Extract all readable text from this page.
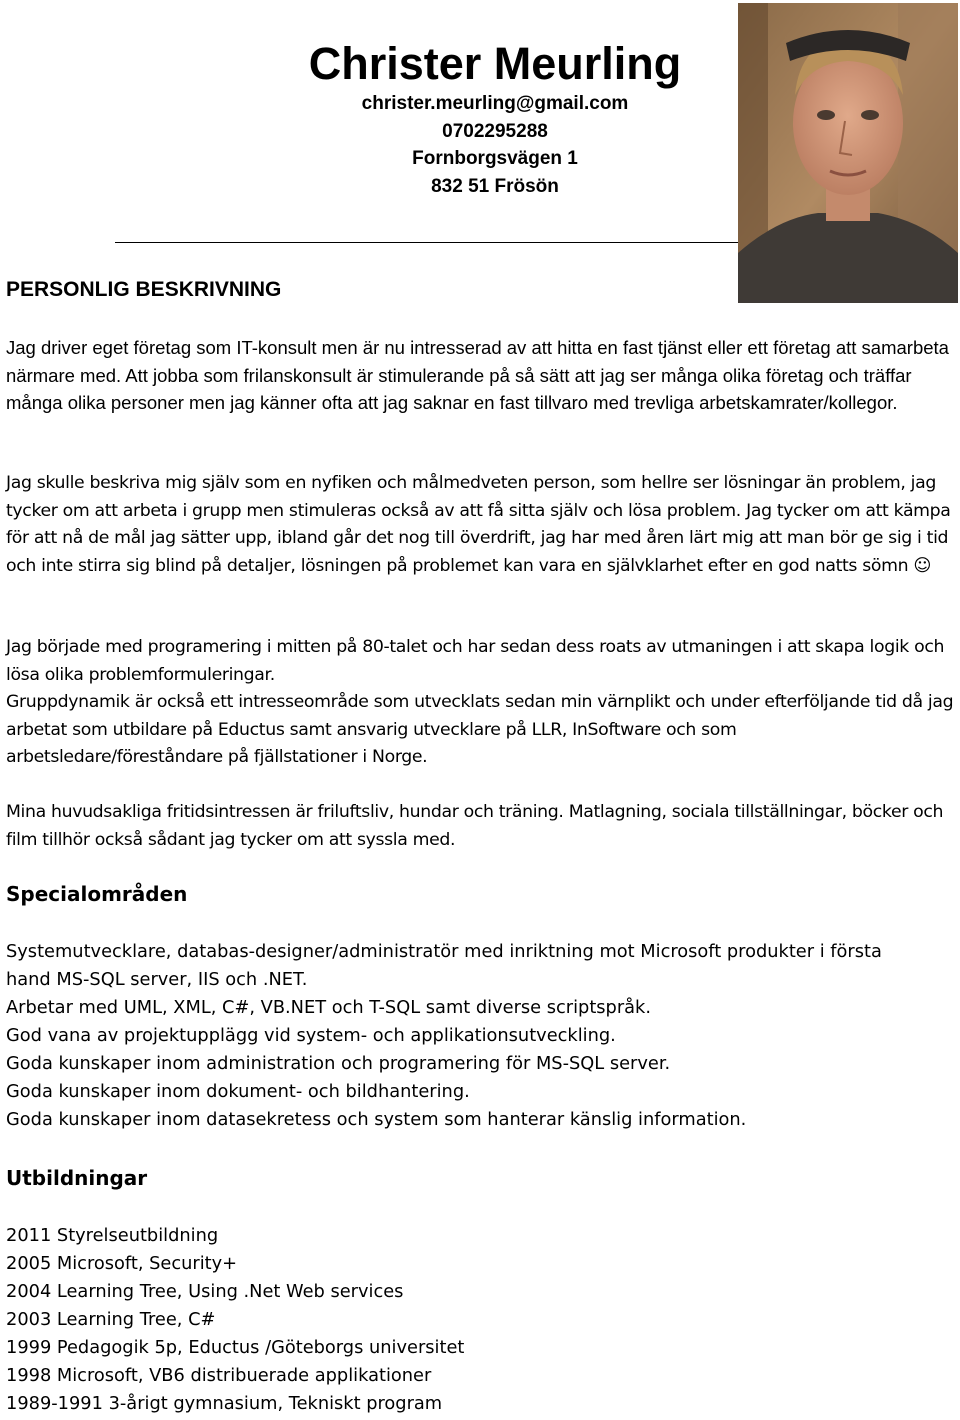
Christer Meurling
christer.meurling@gmail.com
0702295288
Fornborgsvägen 1
832 51 Frösön
PERSONLIG BESKRIVNING

Jag driver eget företag som IT-konsult men är nu intresserad av att hitta en fast tjänst eller ett företag att samarbeta närmare med. Att jobba som frilanskonsult är stimulerande på så sätt att jag ser många olika företag och träffar många olika personer men jag känner ofta att jag saknar en fast tillvaro med trevliga arbetskamrater/kollegor.

Jag skulle beskriva mig själv som en nyfiken och målmedveten person, som hellre ser lösningar än problem, jag tycker om att arbeta i grupp men stimuleras också av att få sitta själv och lösa problem. Jag tycker om att kämpa för att nå de mål jag sätter upp, ibland går det nog till överdrift, jag har med åren lärt mig att man bör ge sig i tid och inte stirra sig blind på detaljer, lösningen på problemet kan vara en självklarhet efter en god natts sömn ☺

Jag började med programering i mitten på 80-talet och har sedan dess roats av utmaningen i att skapa logik och lösa olika problemformuleringar.

Gruppdynamik är också ett intresseområde som utvecklats sedan min värnplikt och under efterföljande tid då jag arbetat som utbildare på Eductus samt ansvarig utvecklare på LLR, InSoftware och som arbetsledare/föreståndare på fjällstationer i Norge.

Mina huvudsakliga fritidsintressen är friluftsliv, hundar och träning. Matlagning, sociala tillställningar, böcker och film tillhör också sådant jag tycker om att syssla med.

Specialområden

Systemutvecklare, databas-designer/administratör med inriktning mot Microsoft produkter i första hand MS-SQL server, IIS och .NET.

Arbetar med UML, XML, C#, VB.NET och T-SQL samt diverse scriptspråk.
God vana av projektupplägg vid system- och applikationsutveckling.
Goda kunskaper inom administration och programering för MS-SQL server.
Goda kunskaper inom dokument- och bildhantering.
Goda kunskaper inom datasekretess och system som hanterar känslig information.
Utbildningar
2011 Styrelseutbildning
2005 Microsoft, Security+
2004 Learning Tree, Using .Net Web services
2003 Learning Tree, C#
1999 Pedagogik 5p, Eductus /Göteborgs universitet
1998 Microsoft, VB6 distribuerade applikationer
1989-1991 3-årigt gymnasium, Tekniskt program
